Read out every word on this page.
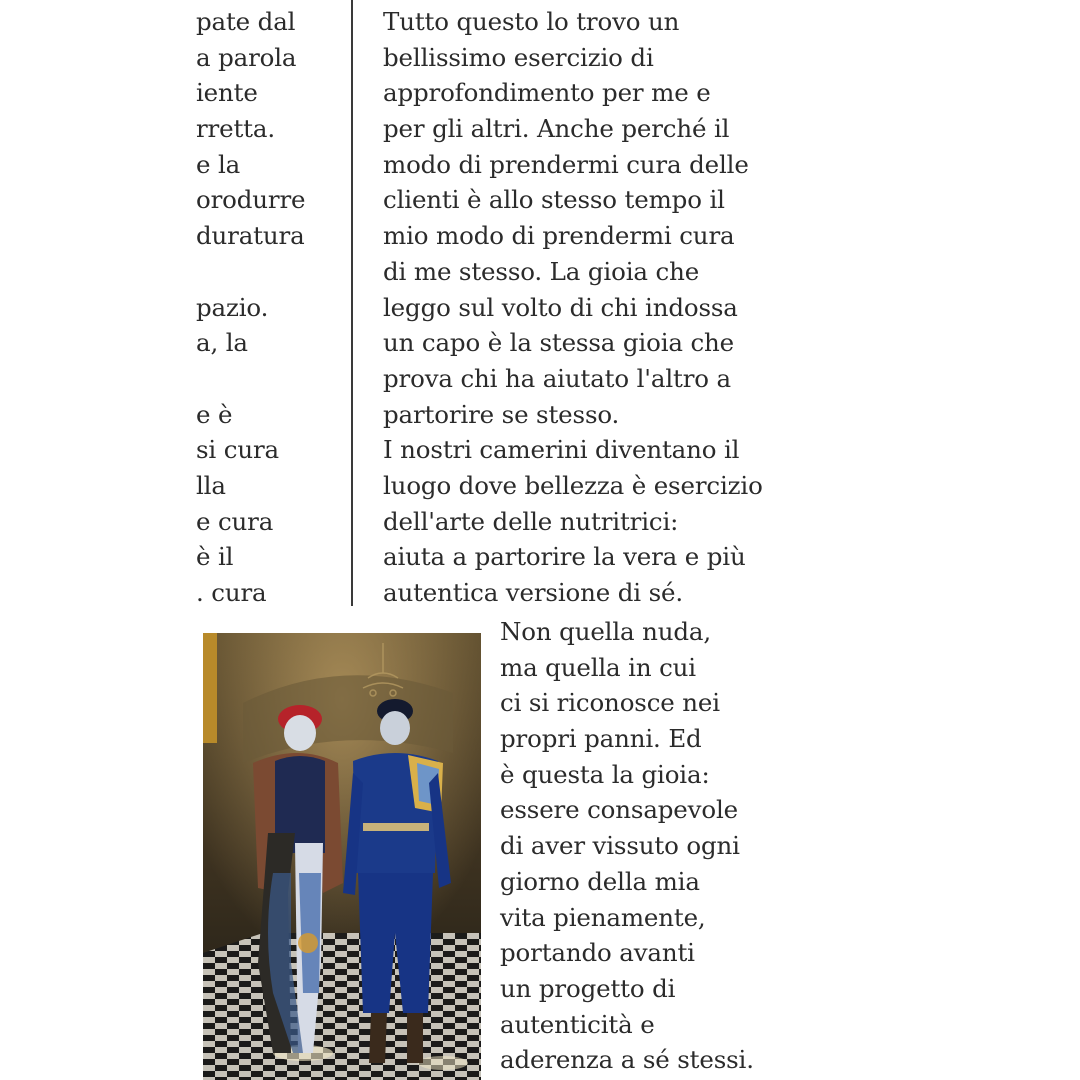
pate dal
a parola
iente
rretta.
e la
orodurre
duratura
pazio.
a, la
e è
si cura
lla
e cura
è il
. cura
Tutto questo lo trovo un
bellissimo esercizio di
approfondimento per me e
per gli altri. Anche perché il
modo di prendermi cura delle
clienti è allo stesso tempo il
mio modo di prendermi cura
di me stesso. La gioia che
leggo sul volto di chi indossa
un capo è la stessa gioia che
prova chi ha aiutato l'altro a
partorire se stesso.
I nostri camerini diventano il
luogo dove bellezza è esercizio
dell'arte delle nutritrici:
aiuta a partorire la vera e più
autentica versione di sé.
Non quella nuda,
ma quella in cui
ci si riconosce nei
propri panni. Ed
è questa la gioia:
essere consapevole
di aver vissuto ogni
giorno della mia
vita pienamente,
portando avanti
un progetto di
autenticità e
aderenza a sé stessi.
